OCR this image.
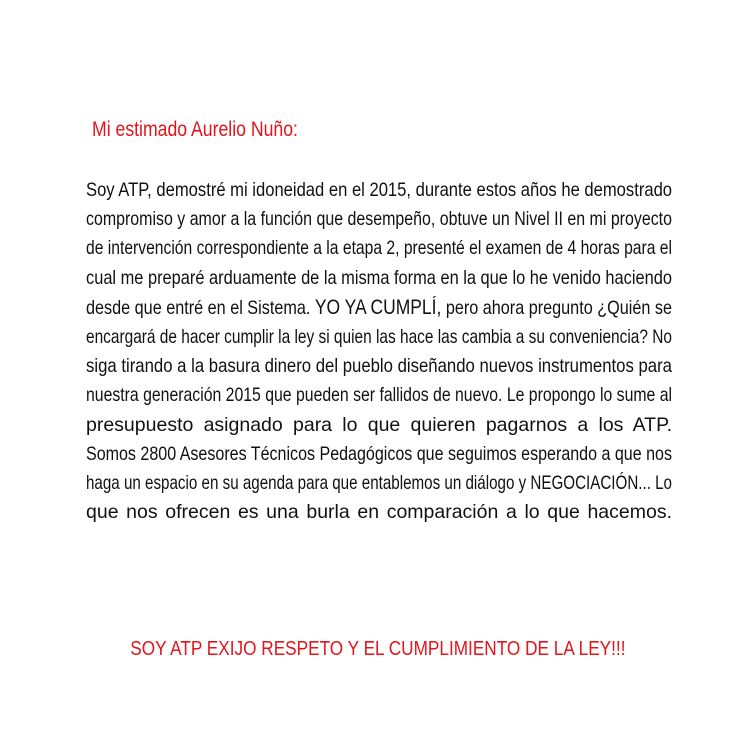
Mi estimado Aurelio Nuño:
Soy ATP, demostré mi idoneidad en el 2015, durante estos años he demostrado
compromiso y amor a la función que desempeño, obtuve un Nivel II en mi proyecto
de intervención correspondiente a la etapa 2, presenté el examen de 4 horas para el
cual me preparé arduamente de la misma forma en la que lo he venido haciendo
desde que entré en el Sistema. YO YA CUMPLÍ, pero ahora pregunto ¿Quién se
encargará de hacer cumplir la ley si quien las hace las cambia a su conveniencia? No
siga tirando a la basura dinero del pueblo diseñando nuevos instrumentos para
nuestra generación 2015 que pueden ser fallidos de nuevo. Le propongo lo sume al
presupuesto asignado para lo que quieren pagarnos a los ATP.
Somos 2800 Asesores Técnicos Pedagógicos que seguimos esperando a que nos
haga un espacio en su agenda para que entablemos un diálogo y NEGOCIACIÓN... Lo
que nos ofrecen es una burla en comparación a lo que hacemos.

SOY ATP EXIJO RESPETO Y EL CUMPLIMIENTO DE LA LEY!!!
